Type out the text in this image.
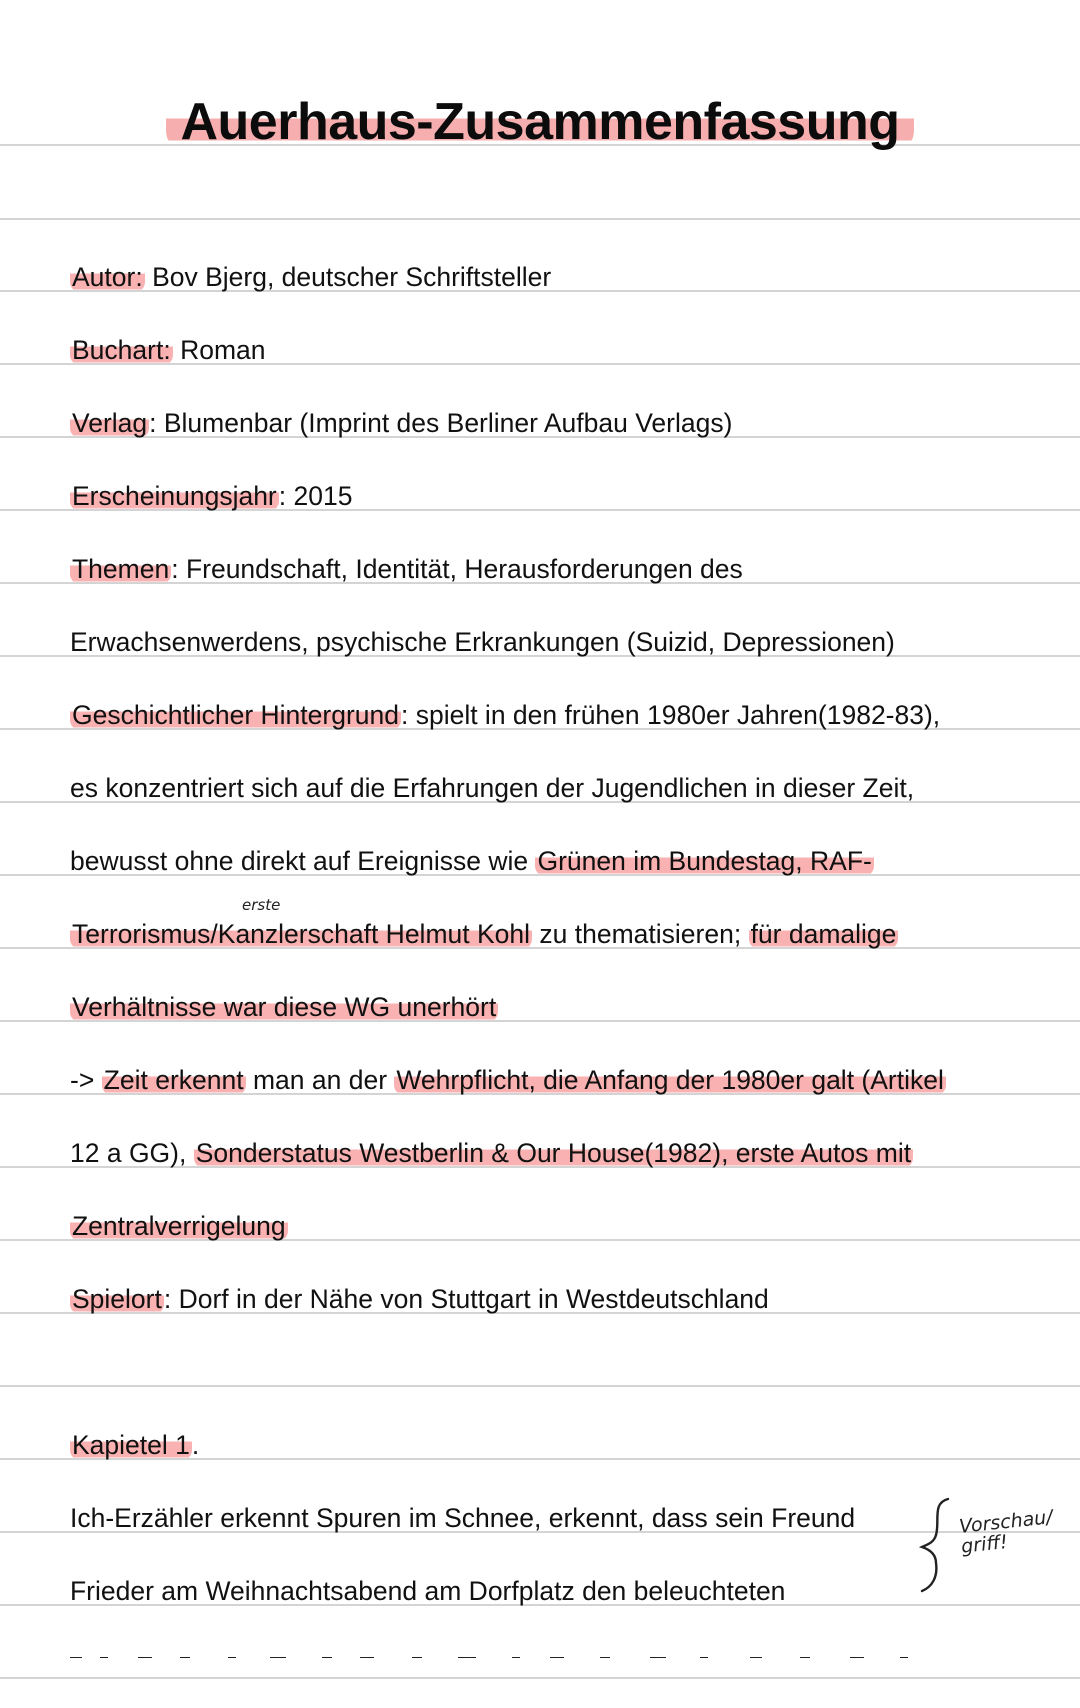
Auerhaus-Zusammenfassung
Autor: Bov Bjerg, deutscher Schriftsteller
Buchart: Roman
Verlag: Blumenbar (Imprint des Berliner Aufbau Verlags)
Erscheinungsjahr: 2015
Themen: Freundschaft, Identität, Herausforderungen des
Erwachsenwerdens, psychische Erkrankungen (Suizid, Depressionen)
Geschichtlicher Hintergrund: spielt in den frühen 1980er Jahren(1982-83),
es konzentriert sich auf die Erfahrungen der Jugendlichen in dieser Zeit,
bewusst ohne direkt auf Ereignisse wie Grünen im Bundestag, RAF-
erste
Terrorismus/Kanzlerschaft Helmut Kohl zu thematisieren; für damalige
Verhältnisse war diese WG unerhört
-> Zeit erkennt man an der Wehrpflicht, die Anfang der 1980er galt (Artikel
12 a GG), Sonderstatus Westberlin & Our House(1982), erste Autos mit
Zentralverrigelung
Spielort: Dorf in der Nähe von Stuttgart in Westdeutschland
Kapietel 1.
Ich-Erzähler erkennt Spuren im Schnee, erkennt, dass sein Freund
Frieder am Weihnachtsabend am Dorfplatz den beleuchteten
Vorschau/
griff!
